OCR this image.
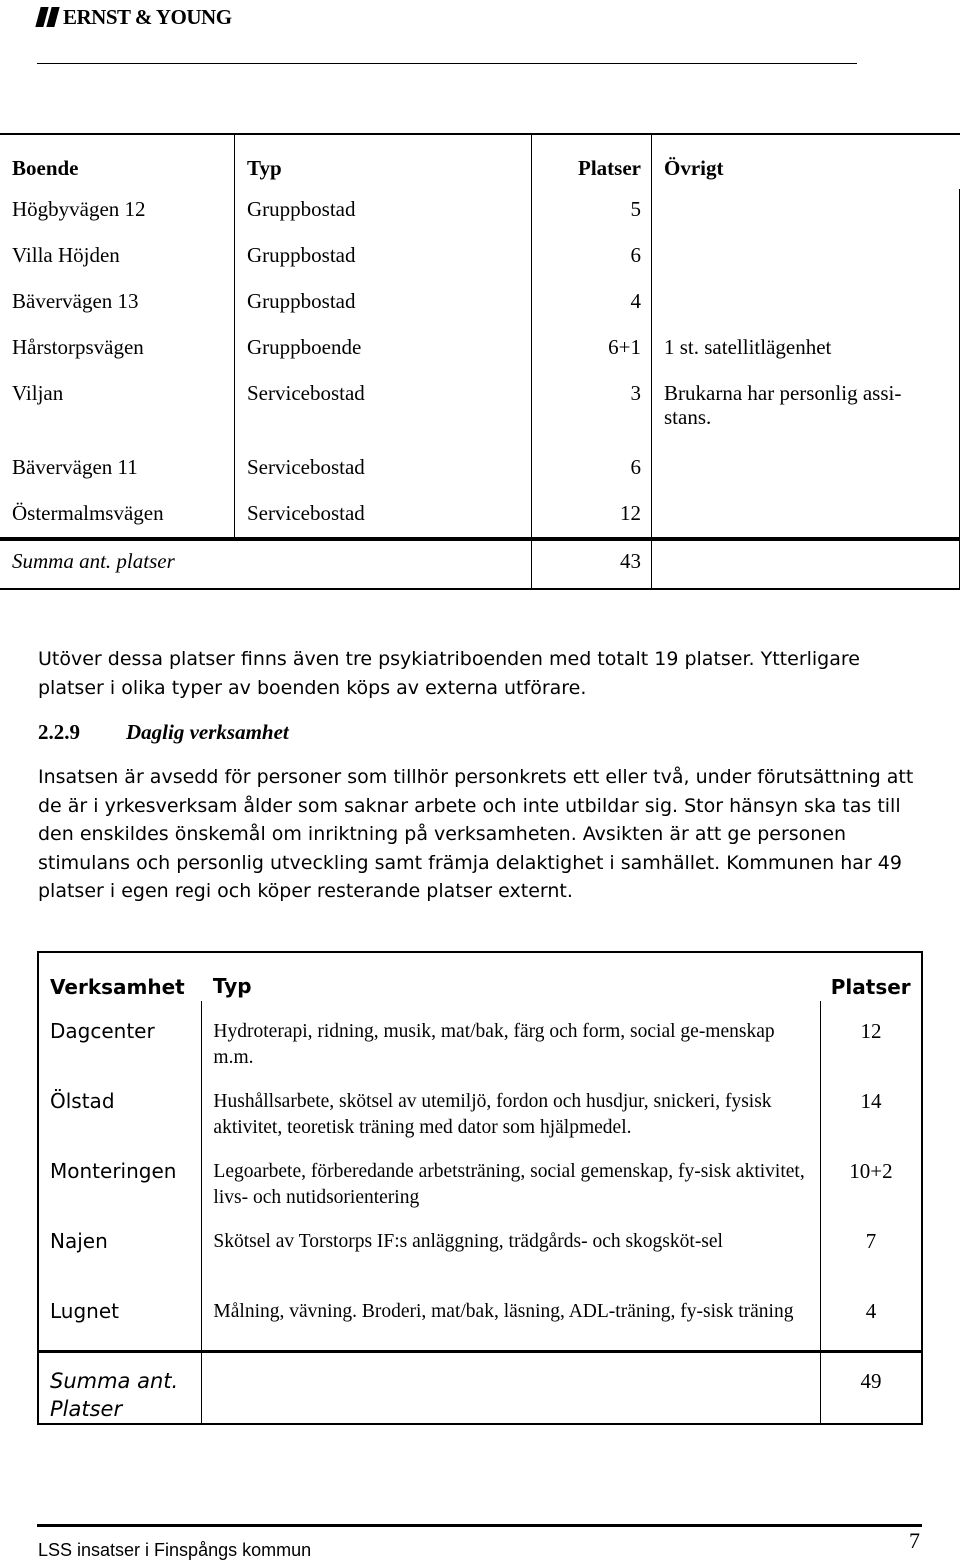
ERNST & YOUNG
Boende	Typ	Platser	Övrigt
Högbyvägen 12	Gruppbostad	5	
Villa Höjden	Gruppbostad	6	
Bävervägen 13	Gruppbostad	4	
Hårstorpsvägen	Gruppboende	6+1	1 st. satellitlägenhet
Viljan	Servicebostad	3	Brukarna har personlig assi-stans.
Bävervägen 11	Servicebostad	6	
Östermalmsvägen	Servicebostad	12	
Summa ant. platser		43	
Utöver dessa platser finns även tre psykiatriboenden med totalt 19 platser. Ytterligare platser i olika typer av boenden köps av externa utförare.
2.2.9 Daglig verksamhet
Insatsen är avsedd för personer som tillhör personkrets ett eller två, under förutsättning att de är i yrkesverksam ålder som saknar arbete och inte utbildar sig. Stor hänsyn ska tas till den enskildes önskemål om inriktning på verksamheten. Avsikten är att ge personen stimulans och personlig utveckling samt främja delaktighet i samhället. Kommunen har 49 platser i egen regi och köper resterande platser externt.
Verksamhet	Typ	Platser
Dagcenter	Hydroterapi, ridning, musik, mat/bak, färg och form, social ge-menskap m.m.	12
Ölstad	Hushållsarbete, skötsel av utemiljö, fordon och husdjur, snickeri, fysisk aktivitet, teoretisk träning med dator som hjälpmedel.	14
Monteringen	Legoarbete, förberedande arbetsträning, social gemenskap, fy-sisk aktivitet, livs- och nutidsorientering	10+2
Najen	Skötsel av Torstorps IF:s anläggning, trädgårds- och skogsköt-sel	7
Lugnet	Målning, vävning. Broderi, mat/bak, läsning, ADL-träning, fy-sisk träning	4
Summa ant. Platser		49
LSS insatser i Finspångs kommun	7
